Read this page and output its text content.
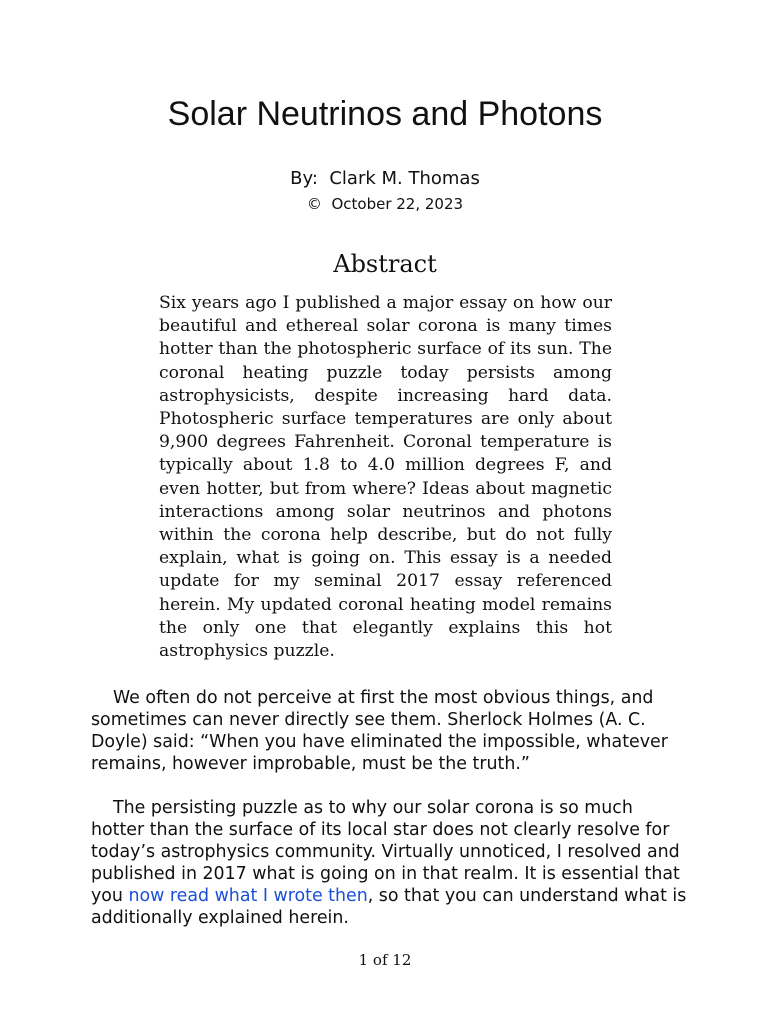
Solar Neutrinos and Photons
By:  Clark M. Thomas
© October 22, 2023
Abstract

Six years ago I published a major essay on how our beautiful and ethereal solar corona is many times hotter than the photospheric surface of its sun. The coronal heating puzzle today persists among astrophysicists, despite increasing hard data. Photospheric surface temperatures are only about 9,900 degrees Fahrenheit. Coronal temperature is typically about 1.8 to 4.0 million degrees F, and even hotter, but from where? Ideas about magnetic interactions among solar neutrinos and photons within the corona help describe, but do not fully explain, what is going on. This essay is a needed update for my seminal 2017 essay referenced herein. My updated coronal heating model remains the only one that elegantly explains this hot astrophysics puzzle.

We often do not perceive at first the most obvious things, and sometimes can never directly see them. Sherlock Holmes (A. C. Doyle) said: “When you have eliminated the impossible, whatever remains, however improbable, must be the truth.”

The persisting puzzle as to why our solar corona is so much hotter than the surface of its local star does not clearly resolve for today’s astrophysics community. Virtually unnoticed, I resolved and published in 2017 what is going on in that realm. It is essential that you now read what I wrote then, so that you can understand what is additionally explained herein.

1 of 12
